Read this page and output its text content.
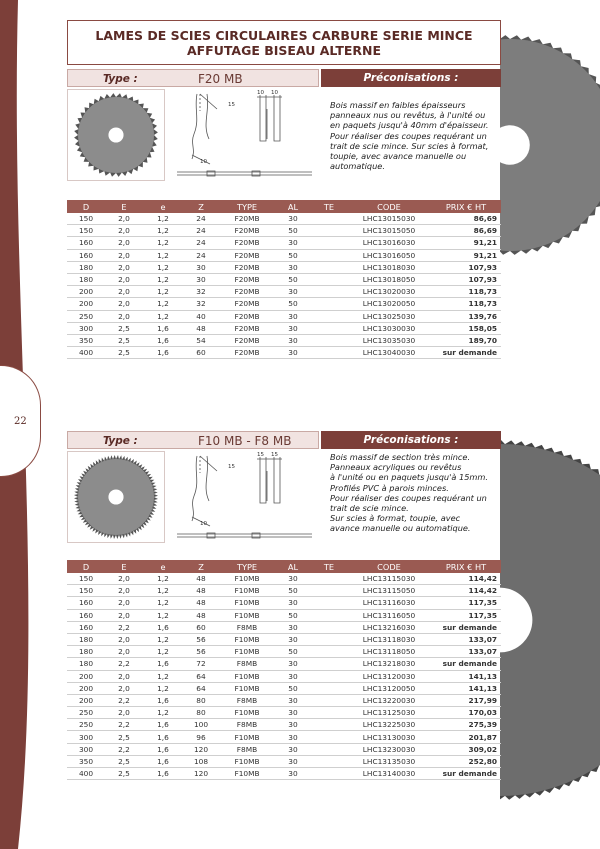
22
LAMES DE SCIES CIRCULAIRES CARBURE SERIE MINCE
AFFUTAGE BISEAU ALTERNE
Type :	F20 MB	Préconisations :
15
10 10
10
Bois massif en faibles épaisseurs
panneaux nus ou revêtus, à l'unité ou
en paquets jusqu'à 40mm d'épaisseur.
Pour réaliser des coupes requérant un
trait de scie mince. Sur scies à format,
toupie, avec avance manuelle ou
automatique.
D	E	e	Z	TYPE	AL	TE	CODE	PRIX € HT
150	2,0	1,2	24	F20MB	30		LHC13015030	86,69
150	2,0	1,2	24	F20MB	50		LHC13015050	86,69
160	2,0	1,2	24	F20MB	30		LHC13016030	91,21
160	2,0	1,2	24	F20MB	50		LHC13016050	91,21
180	2,0	1,2	30	F20MB	30		LHC13018030	107,93
180	2,0	1,2	30	F20MB	50		LHC13018050	107,93
200	2,0	1,2	32	F20MB	30		LHC13020030	118,73
200	2,0	1,2	32	F20MB	50		LHC13020050	118,73
250	2,0	1,2	40	F20MB	30		LHC13025030	139,76
300	2,5	1,6	48	F20MB	30		LHC13030030	158,05
350	2,5	1,6	54	F20MB	30		LHC13035030	189,70
400	2,5	1,6	60	F20MB	30		LHC13040030	sur demande
Type :	F10 MB - F8 MB	Préconisations :
15
15 15
10
Bois massif de section très mince.
Panneaux acryliques ou revêtus
à l'unité ou en paquets jusqu'à 15mm.
Profilés PVC à parois minces.
Pour réaliser des coupes requérant un
trait de scie mince.
Sur scies à format, toupie, avec
avance manuelle ou automatique.
D	E	e	Z	TYPE	AL	TE	CODE	PRIX € HT
150	2,0	1,2	48	F10MB	30		LHC13115030	114,42
150	2,0	1,2	48	F10MB	50		LHC13115050	114,42
160	2,0	1,2	48	F10MB	30		LHC13116030	117,35
160	2,0	1,2	48	F10MB	50		LHC13116050	117,35
160	2,2	1,6	60	F8MB	30		LHC13216030	sur demande
180	2,0	1,2	56	F10MB	30		LHC13118030	133,07
180	2,0	1,2	56	F10MB	50		LHC13118050	133,07
180	2,2	1,6	72	F8MB	30		LHC13218030	sur demande
200	2,0	1,2	64	F10MB	30		LHC13120030	141,13
200	2,0	1,2	64	F10MB	50		LHC13120050	141,13
200	2,2	1,6	80	F8MB	30		LHC13220030	217,99
250	2,0	1,2	80	F10MB	30		LHC13125030	170,03
250	2,2	1,6	100	F8MB	30		LHC13225030	275,39
300	2,5	1,6	96	F10MB	30		LHC13130030	201,87
300	2,2	1,6	120	F8MB	30		LHC13230030	309,02
350	2,5	1,6	108	F10MB	30		LHC13135030	252,80
400	2,5	1,6	120	F10MB	30		LHC13140030	sur demande
